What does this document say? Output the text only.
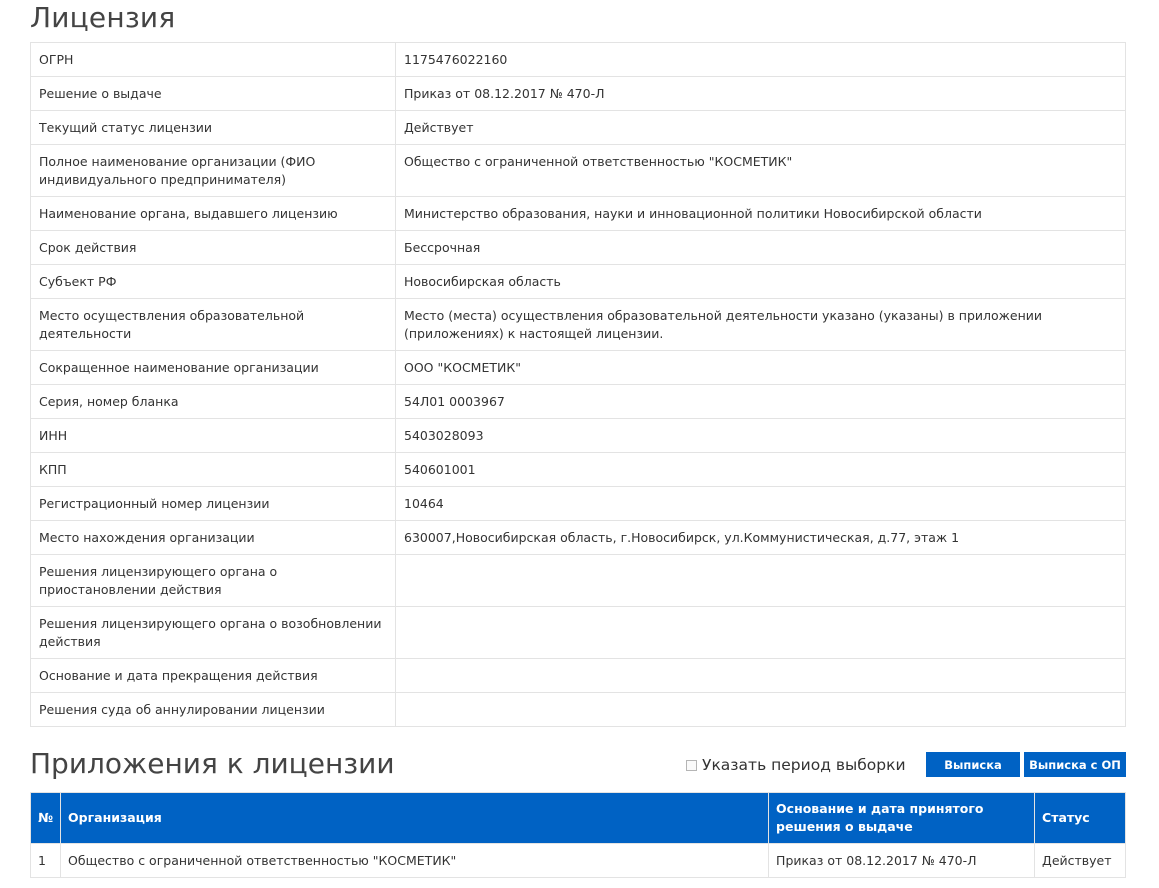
Лицензия
ОГРН	1175476022160
Решение о выдаче	Приказ от 08.12.2017 № 470-Л
Текущий статус лицензии	Действует
Полное наименование организации (ФИО индивидуального предпринимателя)	Общество с ограниченной ответственностью "КОСМЕТИК"
Наименование органа, выдавшего лицензию	Министерство образования, науки и инновационной политики Новосибирской области
Срок действия	Бессрочная
Субъект РФ	Новосибирская область
Место осуществления образовательной деятельности	Место (места) осуществления образовательной деятельности указано (указаны) в приложении (приложениях) к настоящей лицензии.
Сокращенное наименование организации	ООО "КОСМЕТИК"
Серия, номер бланка	54Л01 0003967
ИНН	5403028093
КПП	540601001
Регистрационный номер лицензии	10464
Место нахождения организации	630007,Новосибирская область, г.Новосибирск, ул.Коммунистическая, д.77, этаж 1
Решения лицензирующего органа о приостановлении действия	
Решения лицензирующего органа о возобновлении действия	
Основание и дата прекращения действия	
Решения суда об аннулировании лицензии	
Приложения к лицензии	Указать период выборки	Выписка	Выписка с ОП
№	Организация	Основание и дата принятого решения о выдаче	Статус
1	Общество с ограниченной ответственностью "КОСМЕТИК"	Приказ от 08.12.2017 № 470-Л	Действует
